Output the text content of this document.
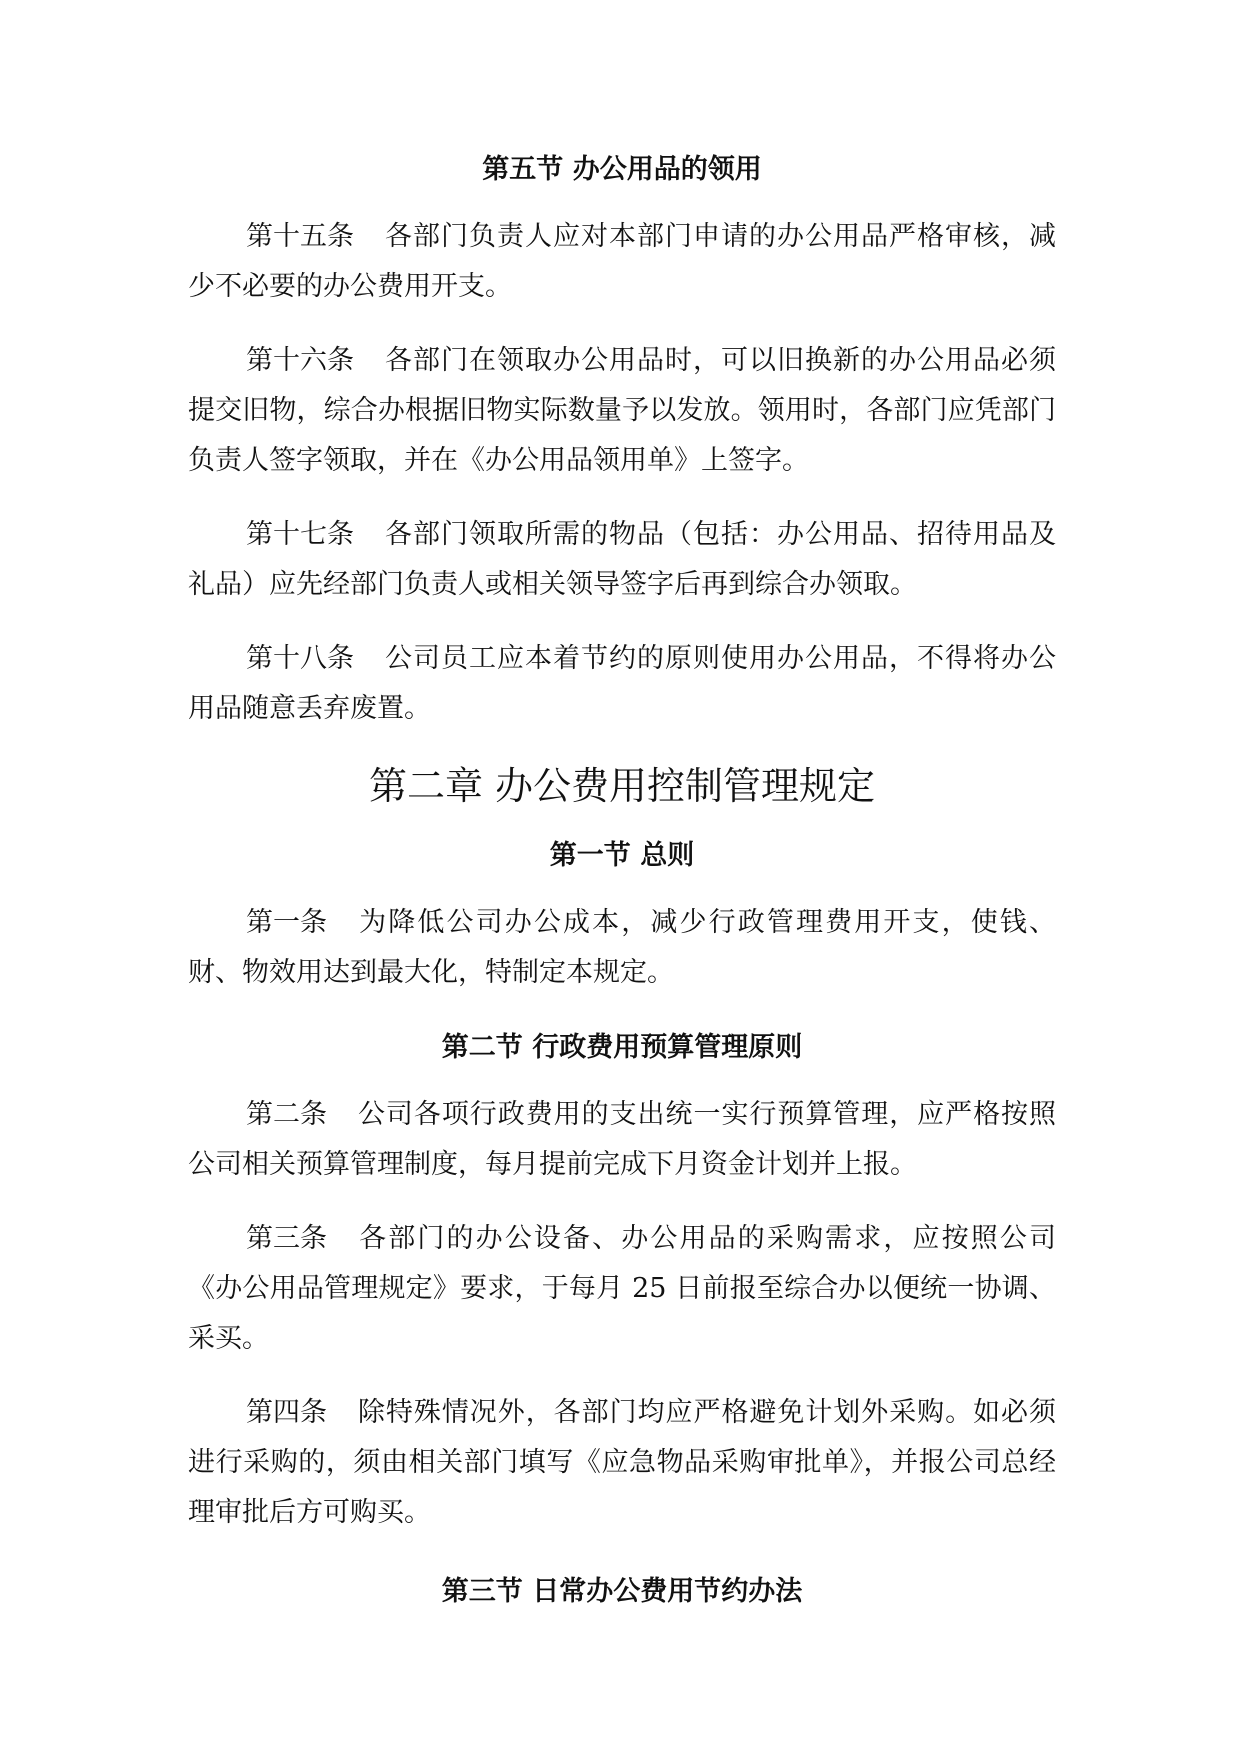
第五节 办公用品的领用

第十五条 各部门负责人应对本部门申请的办公用品严格审核，减少不必要的办公费用开支。

第十六条 各部门在领取办公用品时，可以旧换新的办公用品必须提交旧物，综合办根据旧物实际数量予以发放。领用时，各部门应凭部门负责人签字领取，并在《办公用品领用单》上签字。

第十七条 各部门领取所需的物品（包括：办公用品、招待用品及礼品）应先经部门负责人或相关领导签字后再到综合办领取。

第十八条 公司员工应本着节约的原则使用办公用品，不得将办公用品随意丢弃废置。

第二章 办公费用控制管理规定
第一节 总则

第一条 为降低公司办公成本，减少行政管理费用开支，使钱、财、物效用达到最大化，特制定本规定。

第二节 行政费用预算管理原则

第二条 公司各项行政费用的支出统一实行预算管理，应严格按照公司相关预算管理制度，每月提前完成下月资金计划并上报。

第三条 各部门的办公设备、办公用品的采购需求，应按照公司《办公用品管理规定》要求，于每月 25 日前报至综合办以便统一协调、采买。

第四条 除特殊情况外，各部门均应严格避免计划外采购。如必须进行采购的，须由相关部门填写《应急物品采购审批单》，并报公司总经理审批后方可购买。

第三节 日常办公费用节约办法
